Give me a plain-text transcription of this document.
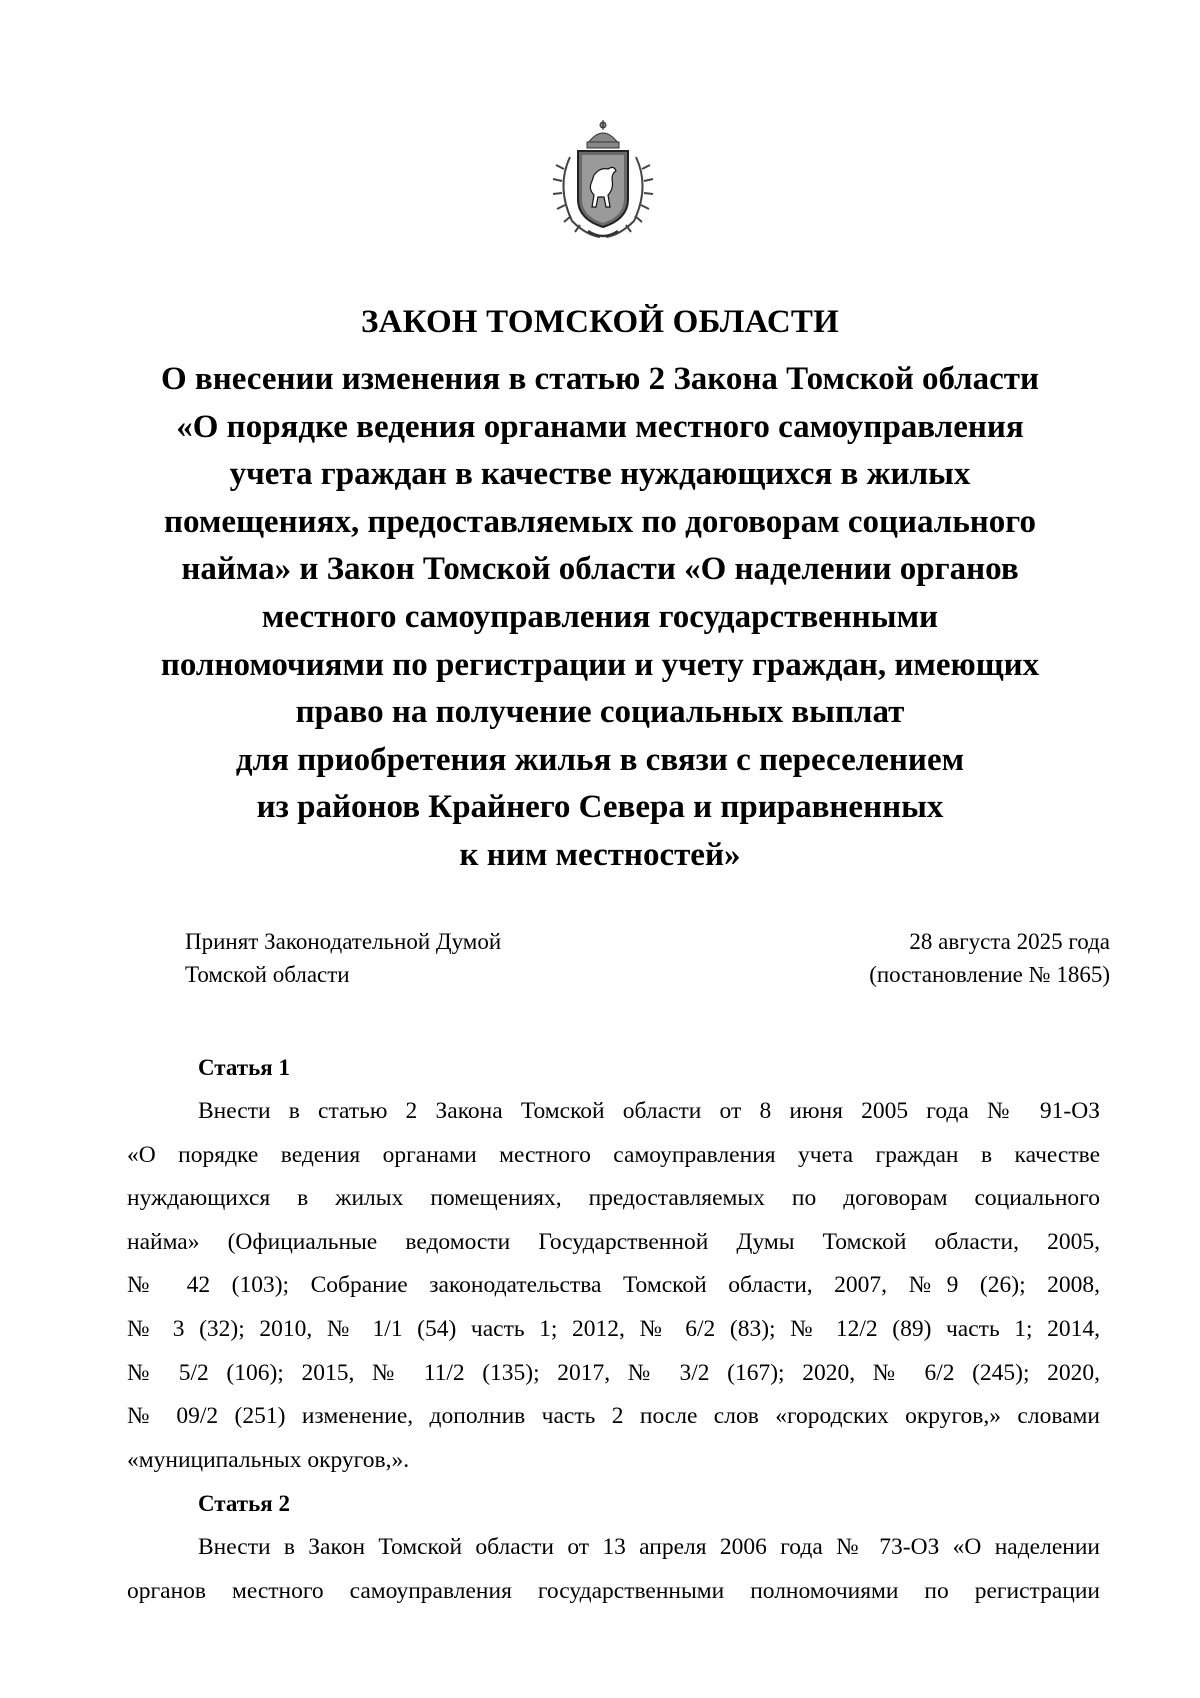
ЗАКОН ТОМСКОЙ ОБЛАСТИ
О внесении изменения в статью 2 Закона Томской области
«О порядке ведения органами местного самоуправления
учета граждан в качестве нуждающихся в жилых
помещениях, предоставляемых по договорам социального
найма» и Закон Томской области «О наделении органов
местного самоуправления государственными
полномочиями по регистрации и учету граждан, имеющих
право на получение социальных выплат
для приобретения жилья в связи с переселением
из районов Крайнего Севера и приравненных
к ним местностей»
Принят Законодательной Думой
Томской области
28 августа 2025 года
(постановление № 1865)
Статья 1
Внести в статью 2 Закона Томской области от 8 июня 2005 года № 91-ОЗ
«О порядке ведения органами местного самоуправления учета граждан в качестве
нуждающихся в жилых помещениях, предоставляемых по договорам социального
найма» (Официальные ведомости Государственной Думы Томской области, 2005,
№ 42 (103); Собрание законодательства Томской области, 2007, №9 (26); 2008,
№ 3 (32); 2010, № 1/1 (54) часть 1; 2012, № 6/2 (83); № 12/2 (89) часть 1; 2014,
№ 5/2 (106); 2015, № 11/2 (135); 2017, № 3/2 (167); 2020, № 6/2 (245); 2020,
№ 09/2 (251) изменение, дополнив часть 2 после слов «городских округов,» словами
«муниципальных округов,».
Статья 2
Внести в Закон Томской области от 13 апреля 2006 года № 73-ОЗ «О наделении
органов местного самоуправления государственными полномочиями по регистрации
